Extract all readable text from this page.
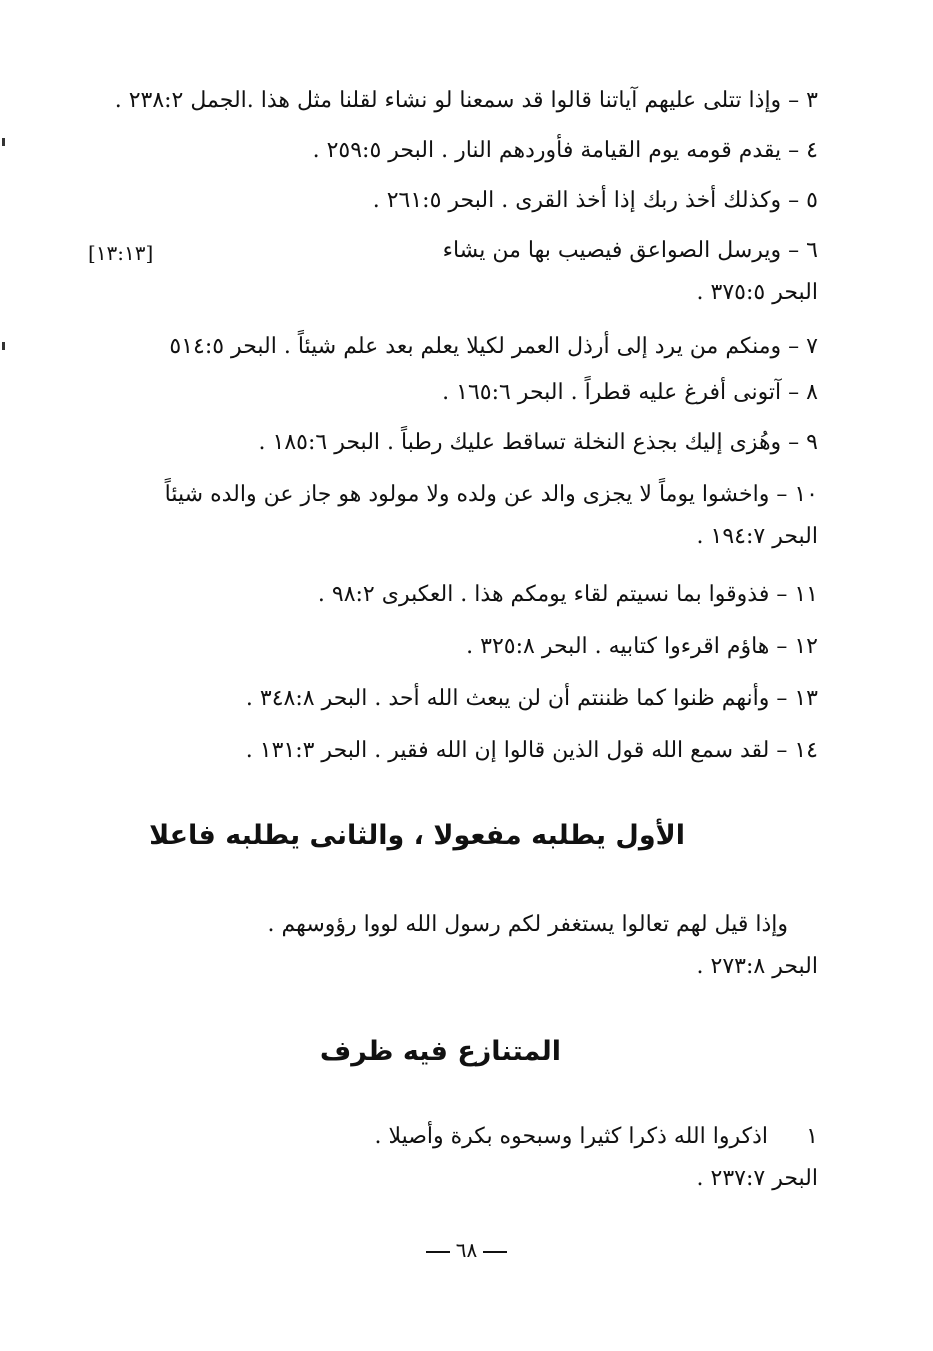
٣ – وإذا تتلى عليهم آياتنا قالوا قد سمعنا لو نشاء لقلنا مثل هذا .الجمل ٢٣٨:٢ .
٤ – يقدم قومه يوم القيامة فأوردهم النار . البحر ٢٥٩:٥ .
٥ – وكذلك أخذ ربك إذا أخذ القرى . البحر ٢٦١:٥ .
٦ – ويرسل الصواعق فيصيب بها من يشاء
[١٣:١٣]
البحر ٣٧٥:٥ .
٧ – ومنكم من يرد إلى أرذل العمر لكيلا يعلم بعد علم شيئاً . البحر ٥١٤:٥
٨ – آتونى أفرغ عليه قطراً . البحر ١٦٥:٦ .
٩ – وهُزى إليك بجذع النخلة تساقط عليك رطباً . البحر ١٨٥:٦ .
١٠ – واخشوا يوماً لا يجزى والد عن ولده ولا مولود هو جاز عن والده شيئاً
البحر ١٩٤:٧ .
١١ – فذوقوا بما نسيتم لقاء يومكم هذا . العكبرى ٩٨:٢ .
١٢ – هاؤم اقرءوا كتابيه . البحر ٣٢٥:٨ .
١٣ – وأنهم ظنوا كما ظننتم أن لن يبعث الله أحد . البحر ٣٤٨:٨ .
١٤ – لقد سمع الله قول الذين قالوا إن الله فقير . البحر ١٣١:٣ .
الأول يطلبه مفعولا ، والثانى يطلبه فاعلا
وإذا قيل لهم تعالوا يستغفر لكم رسول الله لووا رؤوسهم .
البحر ٢٧٣:٨ .
المتنازع فيه ظرف
١
اذكروا الله ذكرا كثيرا وسبحوه بكرة وأصيلا .
البحر ٢٣٧:٧ .
٦٨
